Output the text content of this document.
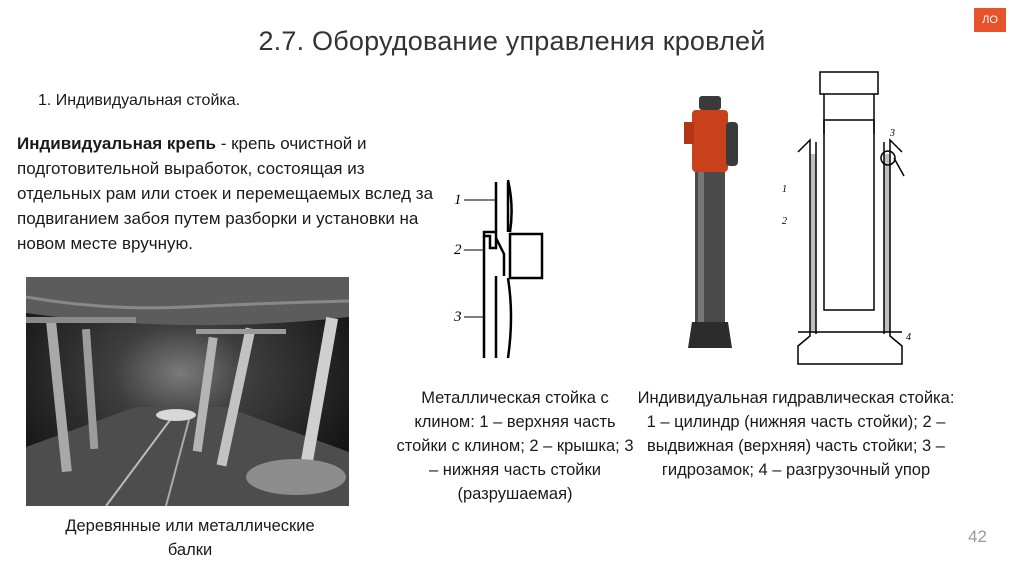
ЛО
2.7. Оборудование управления кровлей
1. Индивидуальная стойка.
Индивидуальная крепь - крепь очистной и подготовительной выработок, состоящая из отдельных рам или стоек и перемещаемых вслед за подвиганием забоя путем разборки и установки на новом месте вручную.
1
2
3
1
2
3
4
Деревянные или металлические балки
Металлическая стойка с клином: 1 – верхняя часть стойки с клином; 2 – крышка; 3 – нижняя часть стойки (разрушаемая)
Индивидуальная гидравлическая стойка: 1 – цилиндр (нижняя часть стойки); 2 – выдвижная (верхняя) часть стойки; 3 – гидрозамок; 4 – разгрузочный упор
42
